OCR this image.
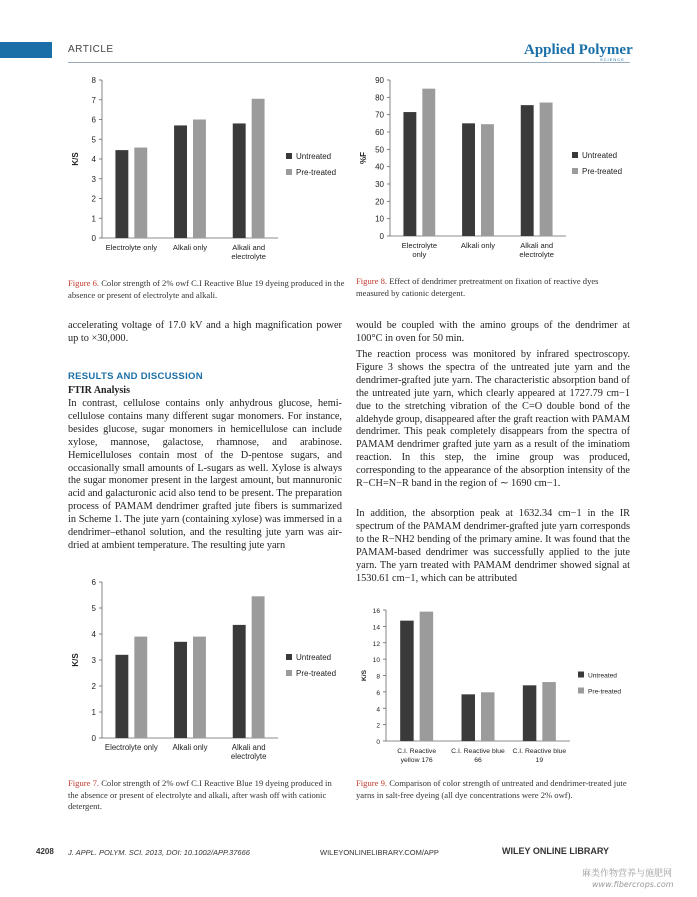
ARTICLE	Applied Polymer
SCIENCE
0
1
2
3
4
5
6
7
8
K/S
Electrolyte only Alkali only	Alkali and
electrolyte
Untreated
Pre-treated
Figure 6. Color strength of 2% owf C.I Reactive Blue 19 dyeing produced in the absence or present of electrolyte and alkali.
0
10
20
30
40
50
60
70
80
90
%F
Electrolyte
only
Alkali only	Alkali and
electrolyte
Untreated
Pre-treated
Figure 8. Effect of dendrimer pretreatment on fixation of reactive dyes measured by cationic detergent.
accelerating voltage of 17.0 kV and a high magnification power up to ×30,000.
RESULTS AND DISCUSSION
FTIR Analysis
In contrast, cellulose contains only anhydrous glucose, hemi-cellulose contains many different sugar monomers. For instance, besides glucose, sugar monomers in hemicellulose can include xylose, mannose, galactose, rhamnose, and arabinose. Hemicelluloses contain most of the D-pentose sugars, and occasionally small amounts of L-sugars as well. Xylose is always the sugar monomer present in the largest amount, but mannuronic acid and galacturonic acid also tend to be present. The preparation process of PAMAM dendrimer grafted jute fibers is summarized in Scheme 1. The jute yarn (containing xylose) was immersed in a dendrimer–ethanol solution, and the resulting jute yarn was air-dried at ambient temperature. The resulting jute yarn
would be coupled with the amino groups of the dendrimer at 100°C in oven for 50 min.
The reaction process was monitored by infrared spectroscopy. Figure 3 shows the spectra of the untreated jute yarn and the dendrimer-grafted jute yarn. The characteristic absorption band of the untreated jute yarn, which clearly appeared at 1727.79 cm−1 due to the stretching vibration of the C=O double bond of the aldehyde group, disappeared after the graft reaction with PAMAM dendrimer. This peak completely disappears from the spectra of PAMAM dendrimer grafted jute yarn as a result of the iminatiom reaction. In this step, the imine group was produced, corresponding to the appearance of the absorption intensity of the R−CH=N−R band in the region of ∼ 1690 cm−1.
In addition, the absorption peak at 1632.34 cm−1 in the IR spectrum of the PAMAM dendrimer-grafted jute yarn corresponds to the R−NH2 bending of the primary amine. It was found that the PAMAM-based dendrimer was successfully applied to the jute yarn. The yarn treated with PAMAM dendrimer showed signal at 1530.61 cm−1, which can be attributed
0
1
2
3
4
5
6
K/S
Electrolyte only Alkali only	Alkali and
electrolyte
Untreated
Pre-treated
Figure 7. Color strength of 2% owf C.I Reactive Blue 19 dyeing produced in the absence or present of electrolyte and alkali, after wash off with cationic detergent.
0
2
4
6
8
10
12
14
16
K/S
C.I. Reactive
yellow 176
C.I. Reactive blue
66
C.I. Reactive blue
19
Untreated
Pre-treated
Figure 9. Comparison of color strength of untreated and dendrimer-treated jute yarns in salt-free dyeing (all dye concentrations were 2% owf).
4208 J. APPL. POLYM. SCI. 2013, DOI: 10.1002/APP.37666	WILEYONLINELIBRARY.COM/APP	WILEY ONLINE LIBRARY
麻类作物营养与施肥网
www.fibercrops.com
